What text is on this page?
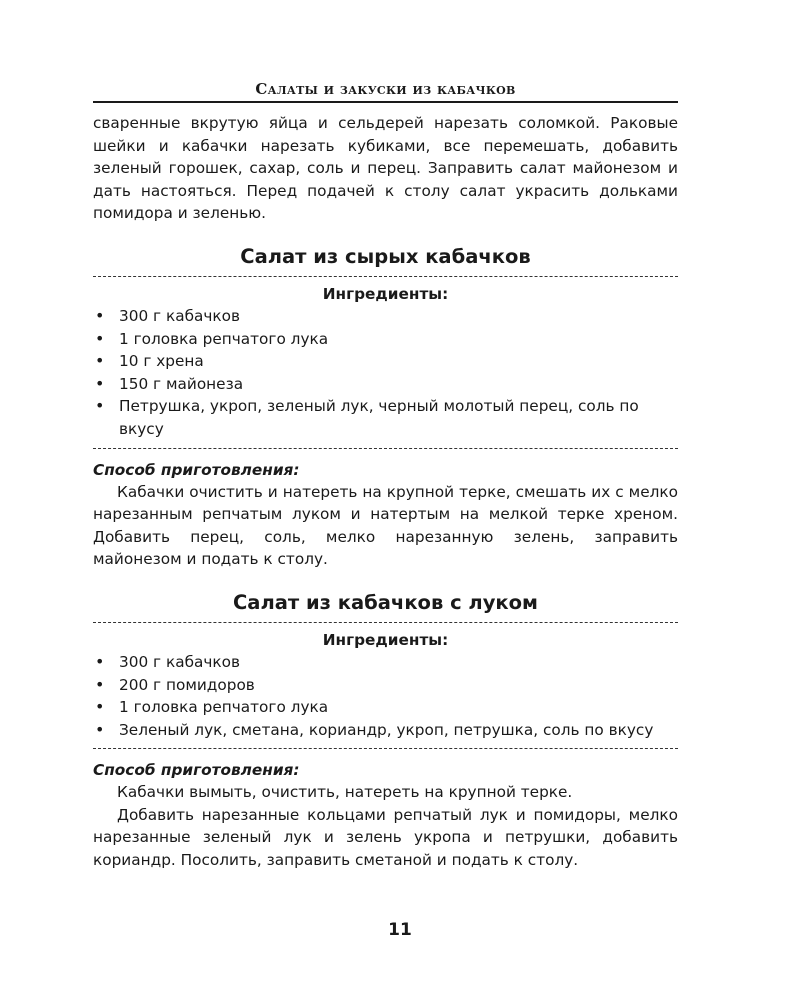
Салаты и закуски из кабачков

сваренные вкрутую яйца и сельдерей нарезать соломкой. Раковые шейки и кабачки нарезать кубиками, все перемешать, добавить зеленый горошек, сахар, соль и перец. Заправить салат майонезом и дать настояться. Перед подачей к столу салат украсить дольками помидора и зеленью.

Салат из сырых кабачков
Ингредиенты:
• 300 г кабачков
• 1 головка репчатого лука
• 10 г хрена
• 150 г майонеза
• Петрушка, укроп, зеленый лук, черный молотый перец, соль по вкусу
Способ приготовления:

Кабачки очистить и натереть на крупной терке, смешать их с мелко нарезанным репчатым луком и натертым на мелкой терке хреном. Добавить перец, соль, мелко нарезанную зелень, заправить майонезом и подать к столу.

Салат из кабачков с луком
Ингредиенты:
• 300 г кабачков
• 200 г помидоров
• 1 головка репчатого лука
• Зеленый лук, сметана, кориандр, укроп, петрушка, соль по вкусу
Способ приготовления:

Кабачки вымыть, очистить, натереть на крупной терке.

Добавить нарезанные кольцами репчатый лук и помидоры, мелко нарезанные зеленый лук и зелень укропа и петрушки, добавить кориандр. Посолить, заправить сметаной и подать к столу.

11
